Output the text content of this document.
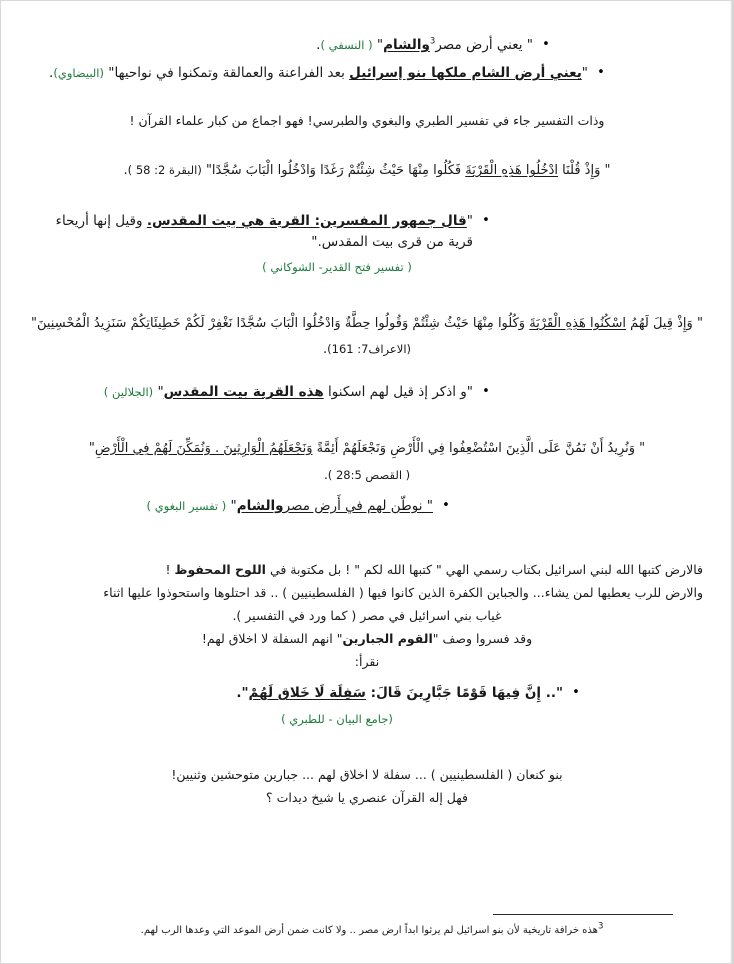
•
" يعني أرض مصر$^3$والشام" ( النسفي ).
•
"يعني أرض الشام ملكها بنو إسرائيل بعد الفراعنة والعمالقة وتمكنوا في نواحيها" (البيضاوي).

وذات التفسير جاء في تفسير الطبري والبغوي والطبرسي! فهو اجماع من كبار علماء القرآن !

" وَإِذْ قُلْنَا ادْخُلُوا هَذِهِ الْقَرْيَةَ فَكُلُوا مِنْهَا حَيْثُ شِئْتُمْ رَغَدًا وَادْخُلُوا الْبَابَ سُجَّدًا" (البقرة 2: 58 ).

•
"قال جمهور المفسرين: القرية هي بيت المقدس. وقيل إنها أريحاء قرية من قرى بيت المقدس."

( تفسير فتح القدير- الشوكاني )

" وَإِذْ قِيلَ لَهُمُ اسْكُنُوا هَذِهِ الْقَرْيَةَ وَكُلُوا مِنْهَا حَيْثُ شِئْتُمْ وَقُولُوا حِطَّةٌ وَادْخُلُوا الْبَابَ سُجَّدًا نَغْفِرْ لَكُمْ خَطِيئَاتِكُمْ سَنَزِيدُ الْمُحْسِنِينَ" (الاعراف7: 161).

•
"و اذكر إذ قيل لهم اسكنوا هذه القرية بيت المقدس" (الجلالين )

" وَنُرِيدُ أَنْ نَمُنَّ عَلَى الَّذِينَ اسْتُضْعِفُوا فِي الْأَرْضِ وَنَجْعَلَهُمْ أَئِمَّةً وَنَجْعَلَهُمُ الْوَارِثِينَ . وَنُمَكِّنَ لَهُمْ فِي الْأَرْضِ"

( القصص 28:5 ).

•
" نوطّن لهم في أَرض مصروالشام" ( تفسير البغوي )

فالارض كتبها الله لبني اسرائيل بكتاب رسمي الهي " كتبها الله لكم " ! بل مكتوبة في اللوح المحفوظ !

والارض للرب يعطيها لمن يشاء... والجباين الكفرة الذين كانوا فيها ( الفلسطينيين ) .. قد احتلوها واستحوذوا عليها اثناء

غياب بني اسرائيل في مصر ( كما ورد في التفسير ).

وقد فسروا وصف "القوم الجبارين" انهم السفلة لا اخلاق لهم!

نقرأ:

•
".. إِنَّ فِيهَا قَوْمًا جَبَّارِينَ قَالَ: سَفِلَة لَا خَلاق لَهُمْ".

(جامع البيان - للطبري )

بنو كنعان ( الفلسطينيين ) ... سفلة لا اخلاق لهم ... جبارين متوحشين وثنيين!

فهل إله القرآن عنصري يا شيخ ديدات ؟

$^3$هذه خرافة تاريخية لأن بنو اسرائيل لم يرثوا ابداً ارض مصر .. ولا كانت ضمن أرض الموعد التي وعدها الرب لهم.
